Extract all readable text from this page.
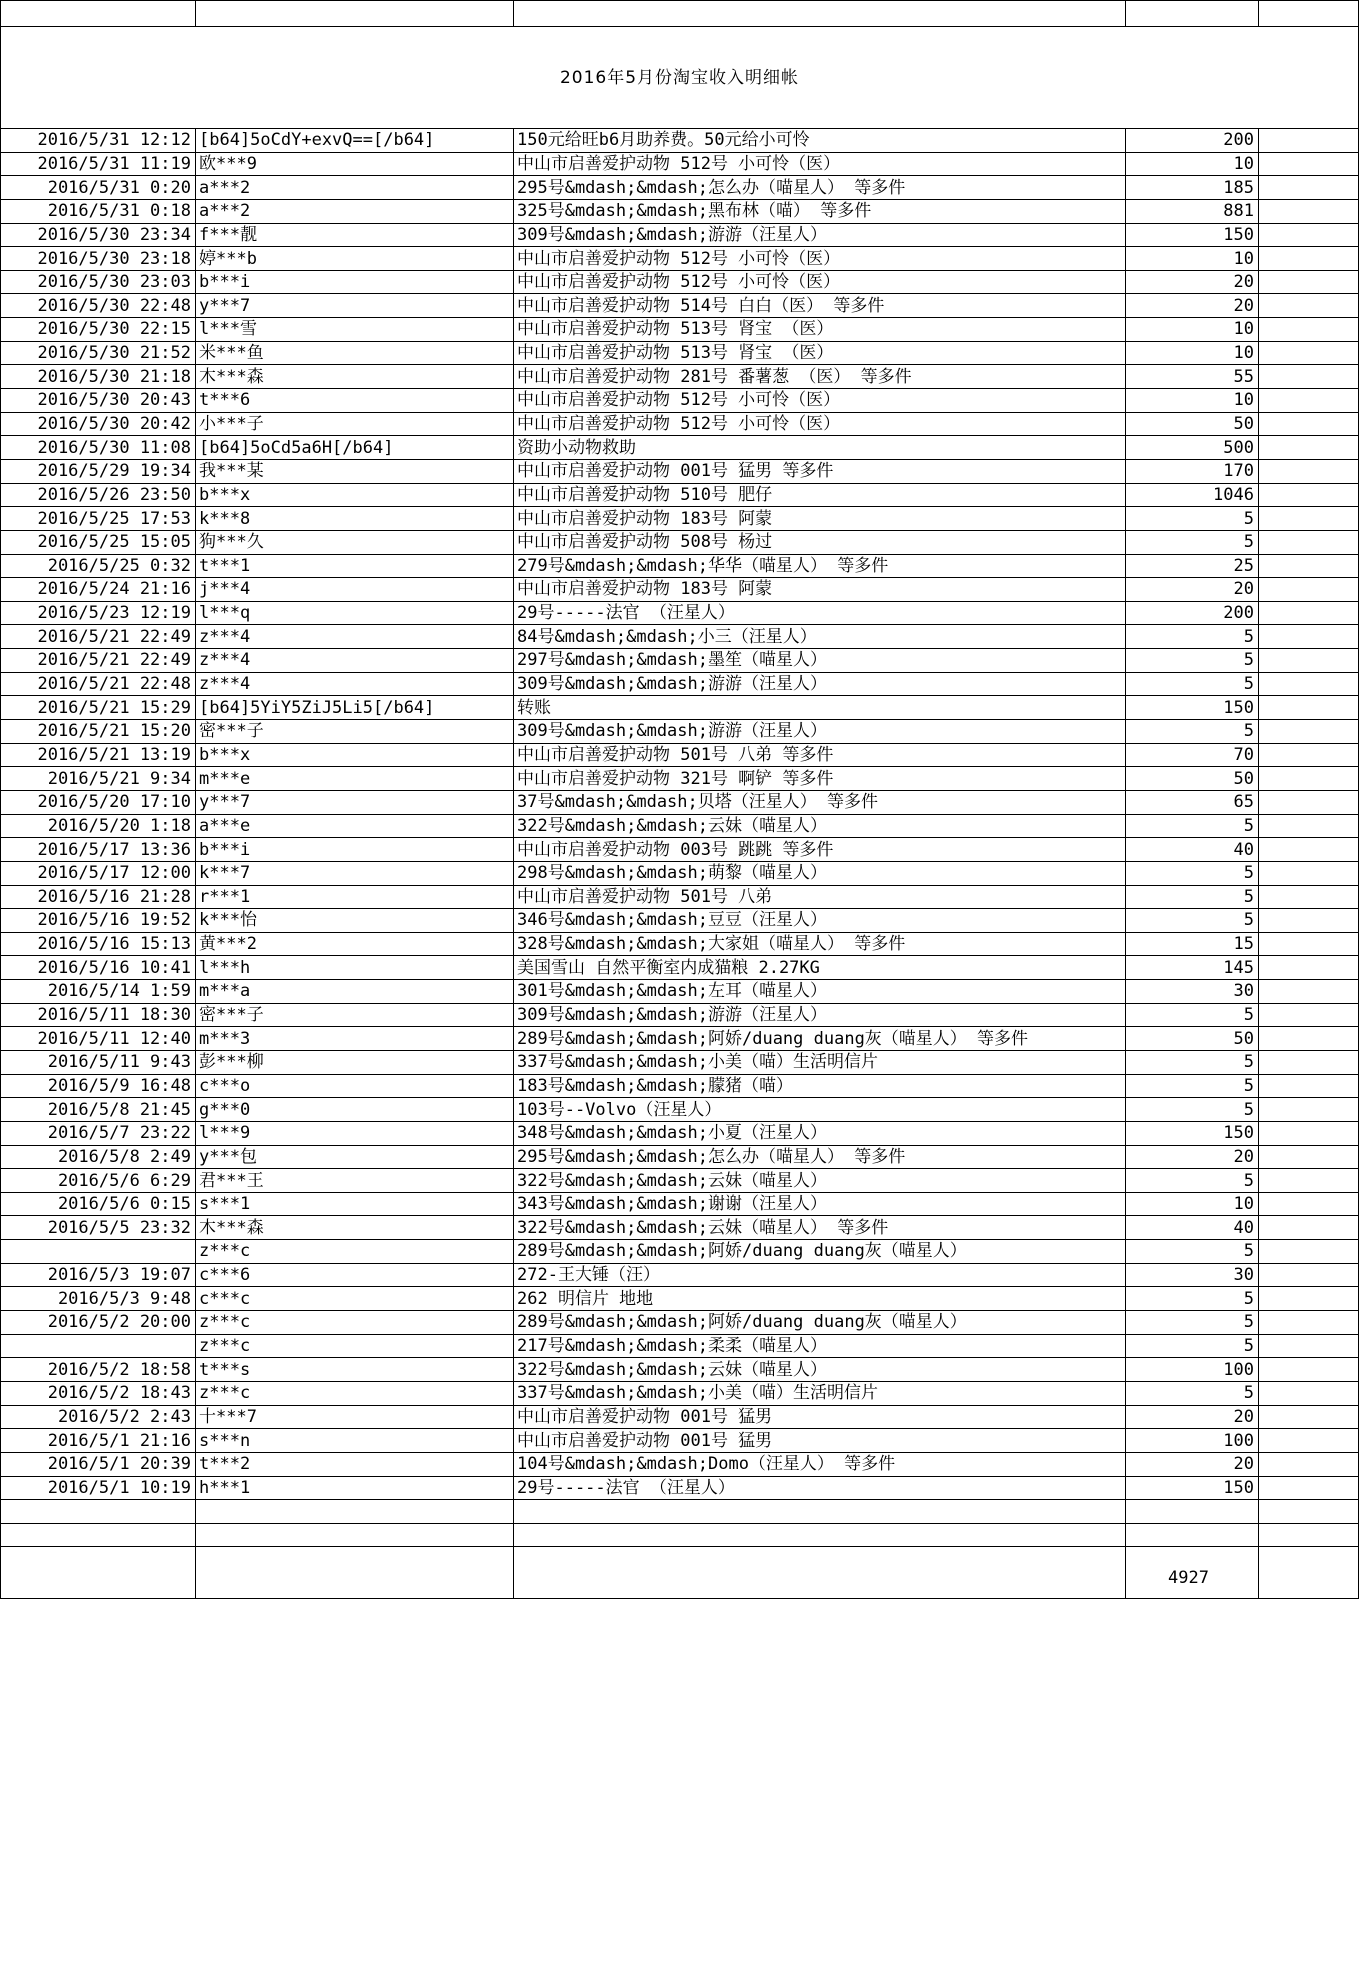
2016年5月份淘宝收入明细帐				
2016/5/31 12:12	[b64]5oCdY+exvQ==[/b64]	150元给旺b6月助养费。50元给小可怜	200	
2016/5/31 11:19	欧***9	中山市启善爱护动物 512号 小可怜（医）	10	
2016/5/31 0:20	a***2	295号&mdash;&mdash;怎么办（喵星人） 等多件	185	
2016/5/31 0:18	a***2	325号&mdash;&mdash;黑布林（喵） 等多件	881	
2016/5/30 23:34	f***靓	309号&mdash;&mdash;游游（汪星人）	150	
2016/5/30 23:18	婷***b	中山市启善爱护动物 512号 小可怜（医）	10	
2016/5/30 23:03	b***i	中山市启善爱护动物 512号 小可怜（医）	20	
2016/5/30 22:48	y***7	中山市启善爱护动物 514号 白白（医） 等多件	20	
2016/5/30 22:15	l***雪	中山市启善爱护动物 513号 肾宝 （医）	10	
2016/5/30 21:52	米***鱼	中山市启善爱护动物 513号 肾宝 （医）	10	
2016/5/30 21:18	木***森	中山市启善爱护动物 281号 番薯葱 （医） 等多件	55	
2016/5/30 20:43	t***6	中山市启善爱护动物 512号 小可怜（医）	10	
2016/5/30 20:42	小***子	中山市启善爱护动物 512号 小可怜（医）	50	
2016/5/30 11:08	[b64]5oCd5a6H[/b64]	资助小动物救助	500	
2016/5/29 19:34	我***某	中山市启善爱护动物 001号 猛男 等多件	170	
2016/5/26 23:50	b***x	中山市启善爱护动物 510号 肥仔	1046	
2016/5/25 17:53	k***8	中山市启善爱护动物 183号 阿蒙	5	
2016/5/25 15:05	狗***久	中山市启善爱护动物 508号 杨过	5	
2016/5/25 0:32	t***1	279号&mdash;&mdash;华华（喵星人） 等多件	25	
2016/5/24 21:16	j***4	中山市启善爱护动物 183号 阿蒙	20	
2016/5/23 12:19	l***q	29号-----法官 （汪星人）	200	
2016/5/21 22:49	z***4	84号&mdash;&mdash;小三（汪星人）	5	
2016/5/21 22:49	z***4	297号&mdash;&mdash;墨笙（喵星人）	5	
2016/5/21 22:48	z***4	309号&mdash;&mdash;游游（汪星人）	5	
2016/5/21 15:29	[b64]5YiY5ZiJ5Li5[/b64]	转账	150	
2016/5/21 15:20	密***子	309号&mdash;&mdash;游游（汪星人）	5	
2016/5/21 13:19	b***x	中山市启善爱护动物 501号 八弟 等多件	70	
2016/5/21 9:34	m***e	中山市启善爱护动物 321号 啊铲 等多件	50	
2016/5/20 17:10	y***7	37号&mdash;&mdash;贝塔（汪星人） 等多件	65	
2016/5/20 1:18	a***e	322号&mdash;&mdash;云妹（喵星人）	5	
2016/5/17 13:36	b***i	中山市启善爱护动物 003号 跳跳 等多件	40	
2016/5/17 12:00	k***7	298号&mdash;&mdash;萌黎（喵星人）	5	
2016/5/16 21:28	r***1	中山市启善爱护动物 501号 八弟	5	
2016/5/16 19:52	k***怡	346号&mdash;&mdash;豆豆（汪星人）	5	
2016/5/16 15:13	黄***2	328号&mdash;&mdash;大家姐（喵星人） 等多件	15	
2016/5/16 10:41	l***h	美国雪山 自然平衡室内成猫粮 2.27KG	145	
2016/5/14 1:59	m***a	301号&mdash;&mdash;左耳（喵星人）	30	
2016/5/11 18:30	密***子	309号&mdash;&mdash;游游（汪星人）	5	
2016/5/11 12:40	m***3	289号&mdash;&mdash;阿娇/duang duang灰（喵星人） 等多件	50	
2016/5/11 9:43	彭***柳	337号&mdash;&mdash;小美（喵）生活明信片	5	
2016/5/9 16:48	c***o	183号&mdash;&mdash;朦猪（喵）	5	
2016/5/8 21:45	g***0	103号--Volvo（汪星人）	5	
2016/5/7 23:22	l***9	348号&mdash;&mdash;小夏（汪星人）	150	
2016/5/8 2:49	y***包	295号&mdash;&mdash;怎么办（喵星人） 等多件	20	
2016/5/6 6:29	君***王	322号&mdash;&mdash;云妹（喵星人）	5	
2016/5/6 0:15	s***1	343号&mdash;&mdash;谢谢（汪星人）	10	
2016/5/5 23:32	木***森	322号&mdash;&mdash;云妹（喵星人） 等多件	40	
	z***c	289号&mdash;&mdash;阿娇/duang duang灰（喵星人）	5	
2016/5/3 19:07	c***6	272-王大锤（汪）	30	
2016/5/3 9:48	c***c	262 明信片 地地	5	
2016/5/2 20:00	z***c	289号&mdash;&mdash;阿娇/duang duang灰（喵星人）	5	
	z***c	217号&mdash;&mdash;柔柔（喵星人）	5	
2016/5/2 18:58	t***s	322号&mdash;&mdash;云妹（喵星人）	100	
2016/5/2 18:43	z***c	337号&mdash;&mdash;小美（喵）生活明信片	5	
2016/5/2 2:43	十***7	中山市启善爱护动物 001号 猛男	20	
2016/5/1 21:16	s***n	中山市启善爱护动物 001号 猛男	100	
2016/5/1 20:39	t***2	104号&mdash;&mdash;Domo（汪星人） 等多件	20	
2016/5/1 10:19	h***1	29号-----法官 （汪星人）	150	

			4927	
